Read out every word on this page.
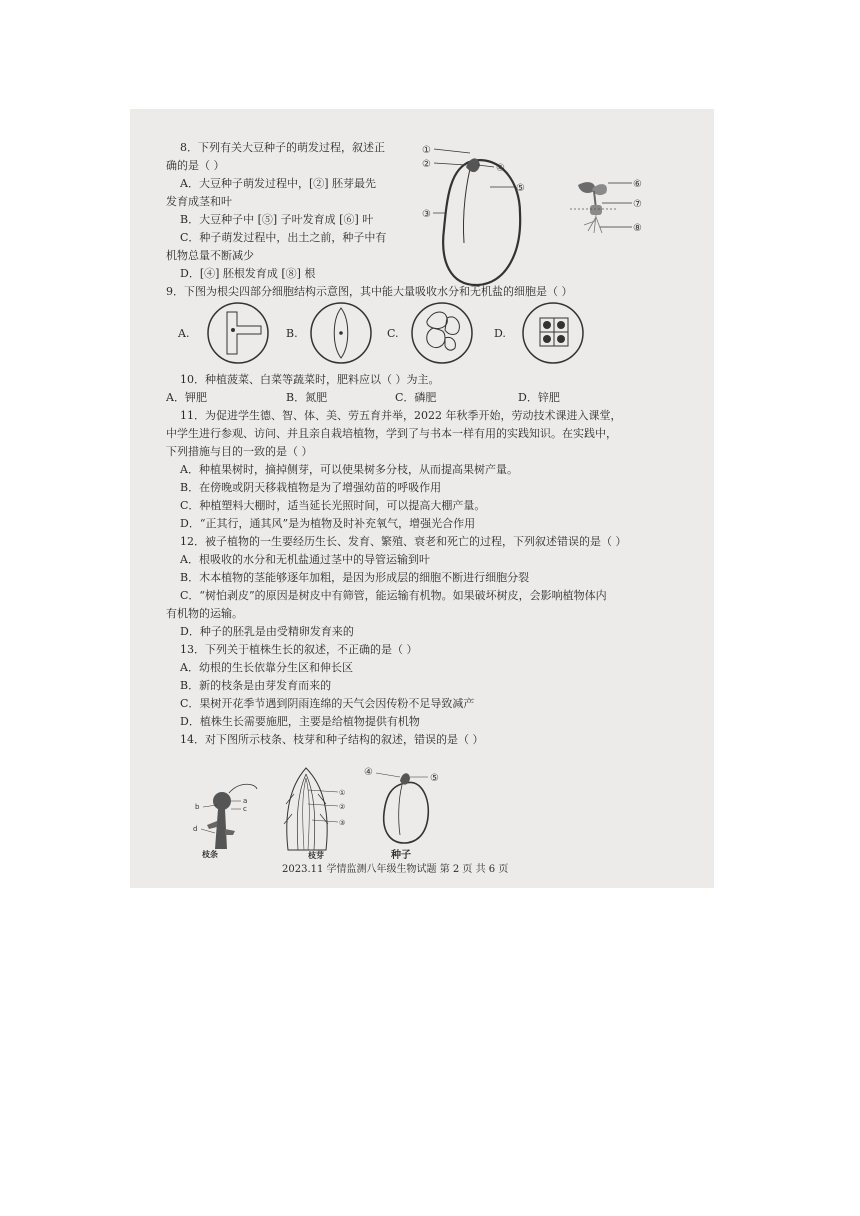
8．下列有关大豆种子的萌发过程，叙述正
确的是（ ）
A．大豆种子萌发过程中，[②] 胚芽最先
发育成茎和叶
B．大豆种子中 [⑤] 子叶发育成 [⑥] 叶
C．种子萌发过程中，出土之前，种子中有
机物总量不断减少
D．[④] 胚根发育成 [⑧] 根
①
②
③
④
⑤	⑥
⑦
⑧
9．下图为根尖四部分细胞结构示意图，其中能大量吸收水分和无机盐的细胞是（ ）
A.	B.	C.	D.
10．种植菠菜、白菜等蔬菜时，肥料应以（ ）为主。
A．钾肥	B．氮肥	C．磷肥	D．锌肥
11．为促进学生德、智、体、美、劳五育并举，2022 年秋季开始，劳动技术课进入课堂，
中学生进行参观、访问、并且亲自栽培植物，学到了与书本一样有用的实践知识。在实践中，
下列措施与目的一致的是（ ）
A．种植果树时，摘掉侧芽，可以使果树多分枝，从而提高果树产量。
B．在傍晚或阴天移栽植物是为了增强幼苗的呼吸作用
C．种植塑料大棚时，适当延长光照时间，可以提高大棚产量。
D．“正其行，通其风”是为植物及时补充氧气，增强光合作用
12．被子植物的一生要经历生长、发育、繁殖、衰老和死亡的过程，下列叙述错误的是（ ）
A．根吸收的水分和无机盐通过茎中的导管运输到叶
B．木本植物的茎能够逐年加粗，是因为形成层的细胞不断进行细胞分裂
C．“树怕剥皮”的原因是树皮中有筛管，能运输有机物。如果破坏树皮，会影响植物体内
有机物的运输。
D．种子的胚乳是由受精卵发育来的
13．下列关于植株生长的叙述，不正确的是（ ）
A．幼根的生长依靠分生区和伸长区
B．新的枝条是由芽发育而来的
C．果树开花季节遇到阴雨连绵的天气会因传粉不足导致减产
D．植株生长需要施肥，主要是给植物提供有机物
14．对下图所示枝条、枝芽和种子结构的叙述，错误的是（ ）
b
a
c
d
枝条
①
②
③
枝芽
④
⑤
种子
2023.11 学情监测八年级生物试题 第 2 页 共 6 页
